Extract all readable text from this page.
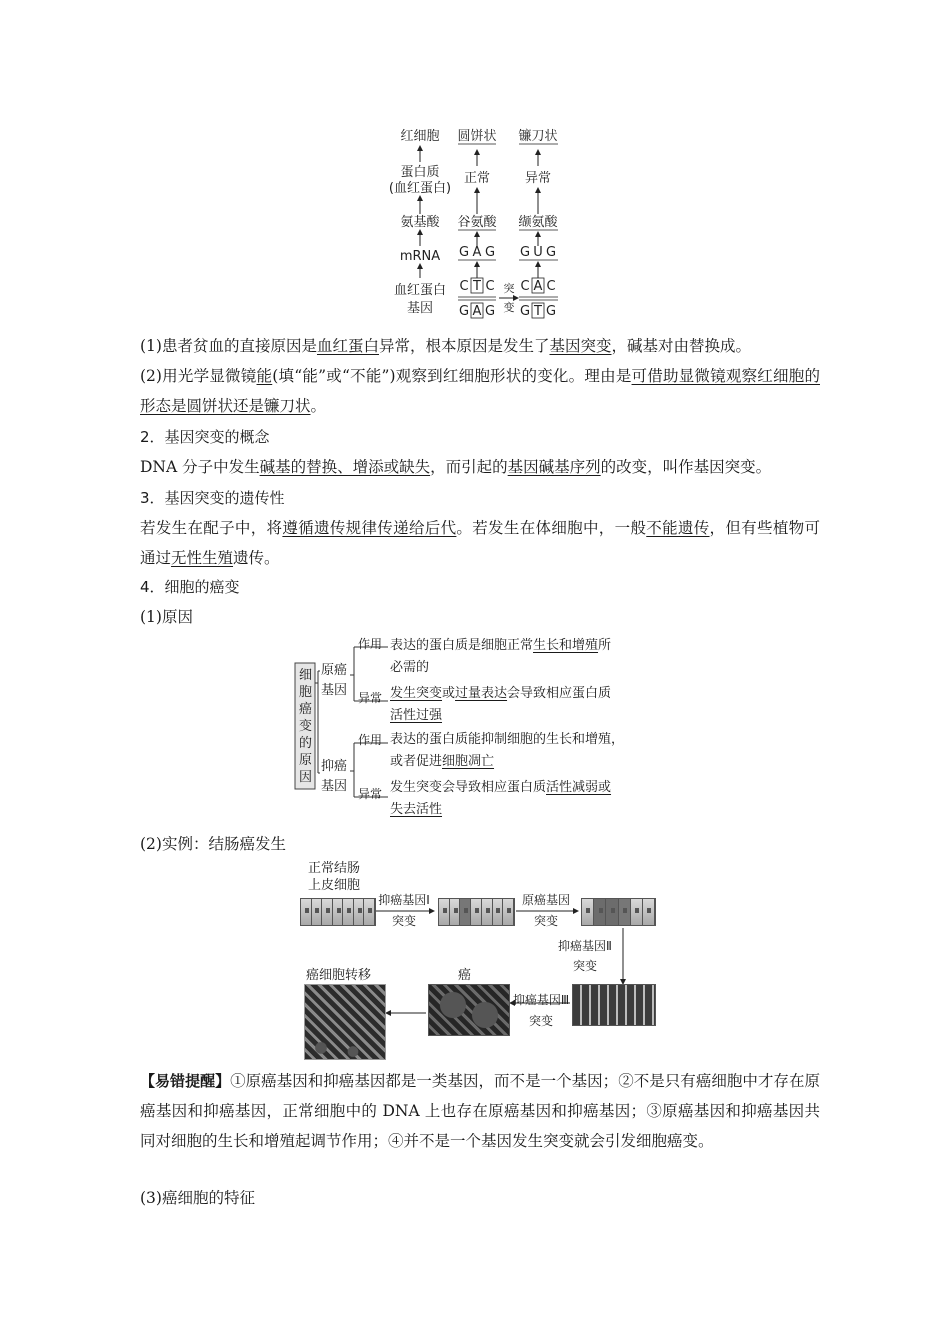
红细胞
蛋白质
(血红蛋白)
氨基酸
mRNA
血红蛋白
基因
圆饼状
正常
谷氨酸
G A G
C T C
G A G
突
变
镰刀状
异常
缬氨酸
G U G
C A C
G T G
(1)患者贫血的直接原因是血红蛋白异常，根本原因是发生了基因突变，碱基对由替换成。
(2)用光学显微镜能(填“能”或“不能”)观察到红细胞形状的变化。理由是可借助显微镜观察红细胞的形态是圆饼状还是镰刀状。
2．基因突变的概念
DNA 分子中发生碱基的替换、增添或缺失，而引起的基因碱基序列的改变，叫作基因突变。
3．基因突变的遗传性
若发生在配子中，将遵循遗传规律传递给后代。若发生在体细胞中，一般不能遗传，但有些植物可通过无性生殖遗传。
4．细胞的癌变
(1)原因
细胞癌变的原因
原癌基因
抑癌基因
作用
异常
作用
异常
表达的蛋白质是细胞正常生长和增殖所
必需的
发生突变或过量表达会导致相应蛋白质
活性过强
表达的蛋白质能抑制细胞的生长和增殖，
或者促进细胞凋亡
发生突变会导致相应蛋白质活性减弱或
失去活性
(2)实例：结肠癌发生
正常结肠
上皮细胞
抑癌基因Ⅰ
突变
原癌基因
突变
抑癌基因Ⅱ
突变
抑癌基因Ⅲ
突变
癌
癌细胞转移
【易错提醒】①原癌基因和抑癌基因都是一类基因，而不是一个基因；②不是只有癌细胞中才存在原癌基因和抑癌基因，正常细胞中的 DNA 上也存在原癌基因和抑癌基因；③原癌基因和抑癌基因共同对细胞的生长和增殖起调节作用；④并不是一个基因发生突变就会引发细胞癌变。
(3)癌细胞的特征
